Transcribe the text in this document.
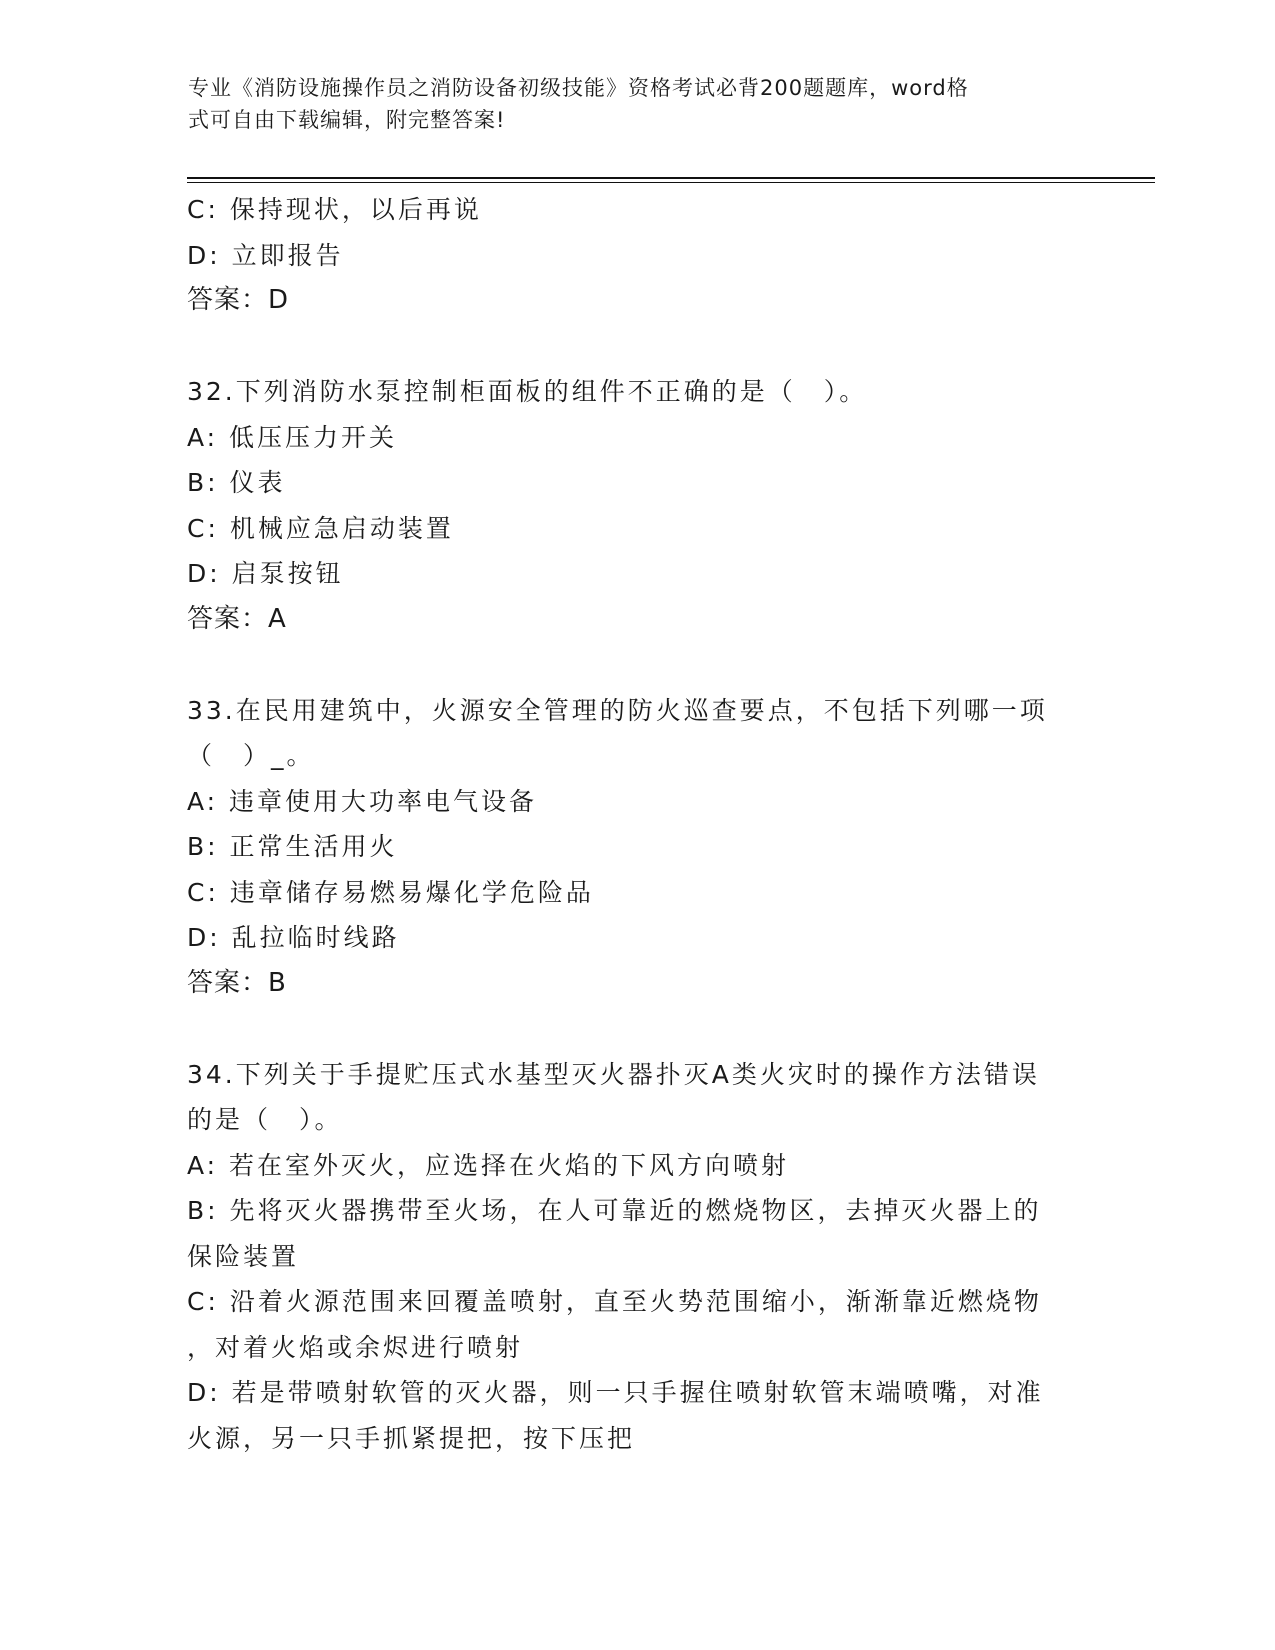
专业《消防设施操作员之消防设备初级技能》资格考试必背200题题库，word格
式可自由下载编辑，附完整答案!
C: 保持现状，以后再说
D: 立即报告
答案：D
32.下列消防水泵控制柜面板的组件不正确的是（　）。
A: 低压压力开关
B: 仪表
C: 机械应急启动装置
D: 启泵按钮
答案：A
33.在民用建筑中，火源安全管理的防火巡查要点，不包括下列哪一项
（　）_。
A: 违章使用大功率电气设备
B: 正常生活用火
C: 违章储存易燃易爆化学危险品
D: 乱拉临时线路
答案：B
34.下列关于手提贮压式水基型灭火器扑灭A类火灾时的操作方法错误
的是（　）。
A: 若在室外灭火，应选择在火焰的下风方向喷射
B: 先将灭火器携带至火场，在人可靠近的燃烧物区，去掉灭火器上的
保险装置
C: 沿着火源范围来回覆盖喷射，直至火势范围缩小，渐渐靠近燃烧物
，对着火焰或余烬进行喷射
D: 若是带喷射软管的灭火器，则一只手握住喷射软管末端喷嘴，对准
火源，另一只手抓紧提把，按下压把
